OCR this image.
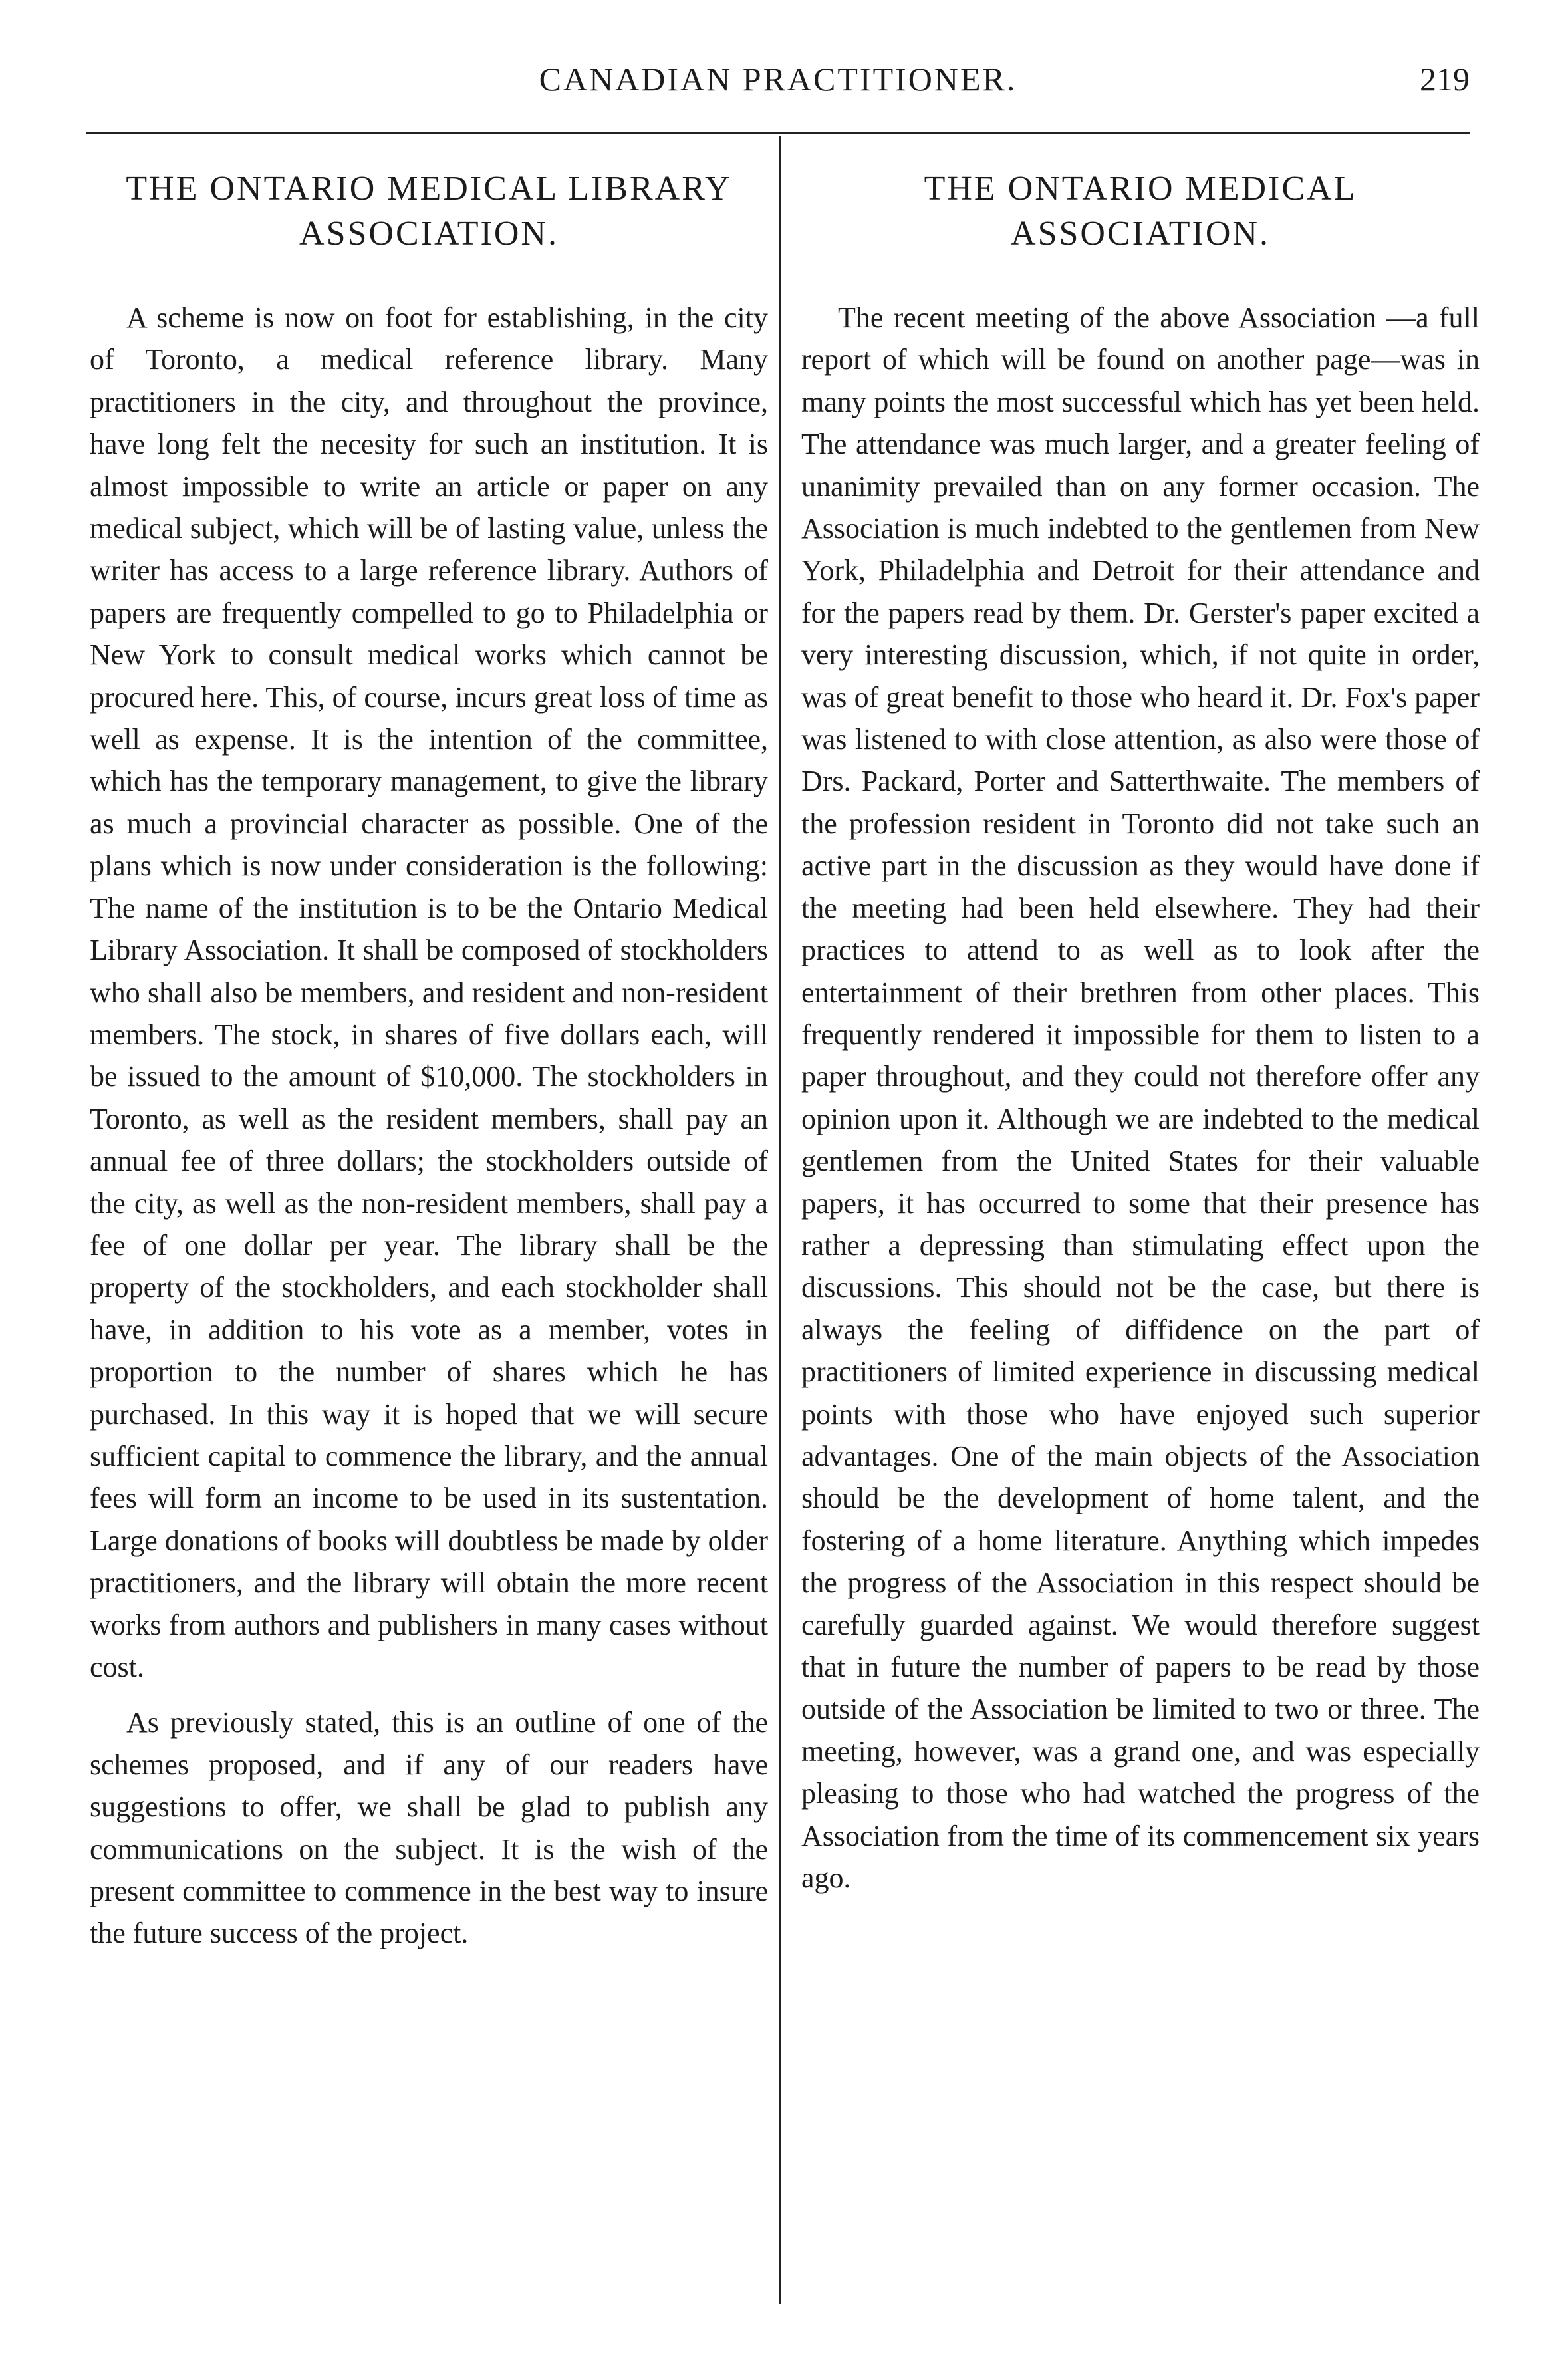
CANADIAN PRACTITIONER.	219
THE ONTARIO MEDICAL LIBRARY
ASSOCIATION.

A scheme is now on foot for establishing, in the city of Toronto, a medical reference library. Many practitioners in the city, and throughout the province, have long felt the necesity for such an institution. It is almost impossible to write an article or paper on any medical subject, which will be of lasting value, unless the writer has access to a large reference library. Authors of papers are frequently compelled to go to Philadelphia or New York to consult medical works which cannot be procured here. This, of course, incurs great loss of time as well as expense. It is the intention of the committee, which has the temporary management, to give the library as much a provincial character as possible. One of the plans which is now under consideration is the following: The name of the institution is to be the Ontario Medical Library Association. It shall be composed of stockholders who shall also be members, and resident and non-resident members. The stock, in shares of five dollars each, will be issued to the amount of $10,000. The stockholders in Toronto, as well as the resident members, shall pay an annual fee of three dollars; the stockholders outside of the city, as well as the non-resident members, shall pay a fee of one dollar per year. The library shall be the property of the stockholders, and each stockholder shall have, in addition to his vote as a member, votes in proportion to the number of shares which he has purchased. In this way it is hoped that we will secure sufficient capital to commence the library, and the annual fees will form an income to be used in its sustentation. Large donations of books will doubtless be made by older practitioners, and the library will obtain the more recent works from authors and publishers in many cases without cost.

As previously stated, this is an outline of one of the schemes proposed, and if any of our readers have suggestions to offer, we shall be glad to publish any communications on the subject. It is the wish of the present committee to commence in the best way to insure the future success of the project.

THE ONTARIO MEDICAL
ASSOCIATION.

The recent meeting of the above Association —a full report of which will be found on another page—was in many points the most successful which has yet been held. The attendance was much larger, and a greater feeling of unanimity prevailed than on any former occasion. The Association is much indebted to the gentlemen from New York, Philadelphia and Detroit for their attendance and for the papers read by them. Dr. Gerster's paper excited a very interesting discussion, which, if not quite in order, was of great benefit to those who heard it. Dr. Fox's paper was listened to with close attention, as also were those of Drs. Packard, Porter and Satterthwaite. The members of the profession resident in Toronto did not take such an active part in the discussion as they would have done if the meeting had been held elsewhere. They had their practices to attend to as well as to look after the entertainment of their brethren from other places. This frequently rendered it impossible for them to listen to a paper throughout, and they could not therefore offer any opinion upon it. Although we are indebted to the medical gentlemen from the United States for their valuable papers, it has occurred to some that their presence has rather a depressing than stimulating effect upon the discussions. This should not be the case, but there is always the feeling of diffidence on the part of practitioners of limited experience in discussing medical points with those who have enjoyed such superior advantages. One of the main objects of the Association should be the development of home talent, and the fostering of a home literature. Anything which impedes the progress of the Association in this respect should be carefully guarded against. We would therefore suggest that in future the number of papers to be read by those outside of the Association be limited to two or three. The meeting, however, was a grand one, and was especially pleasing to those who had watched the progress of the Association from the time of its commencement six years ago.
